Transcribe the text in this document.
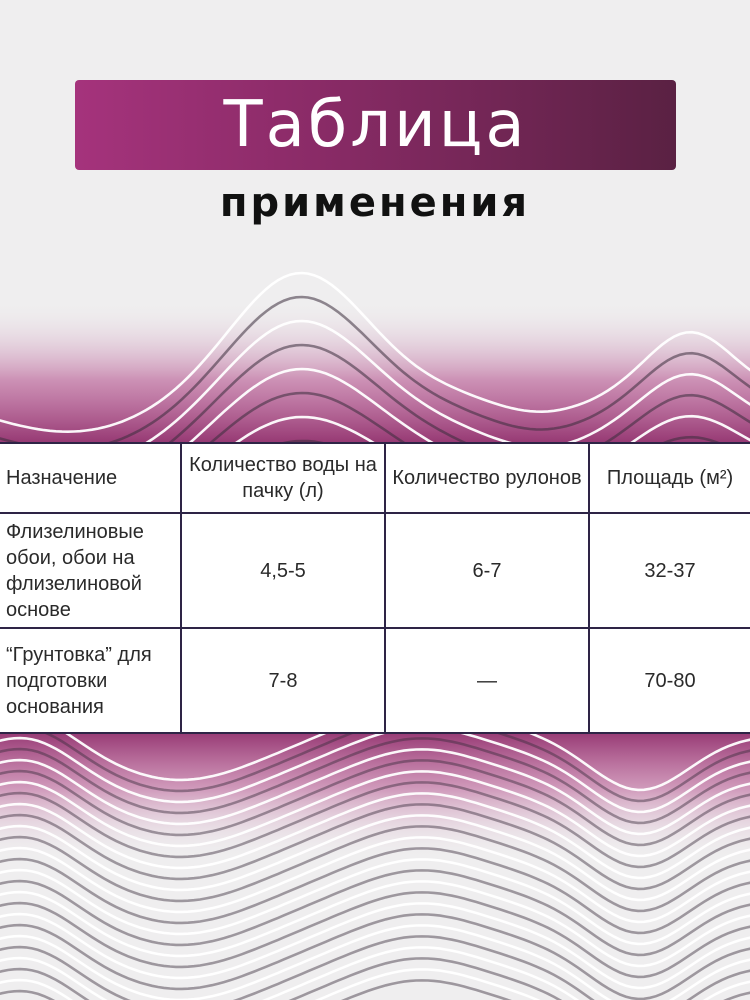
Таблица
применения
Назначение	Количество воды на пачку (л)	Количество рулонов	Площадь (м²)
Флизелиновые обои, обои на флизелиновой основе	4,5-5	6-7	32-37
“Грунтовка” для подготовки основания	7-8	—	70-80
